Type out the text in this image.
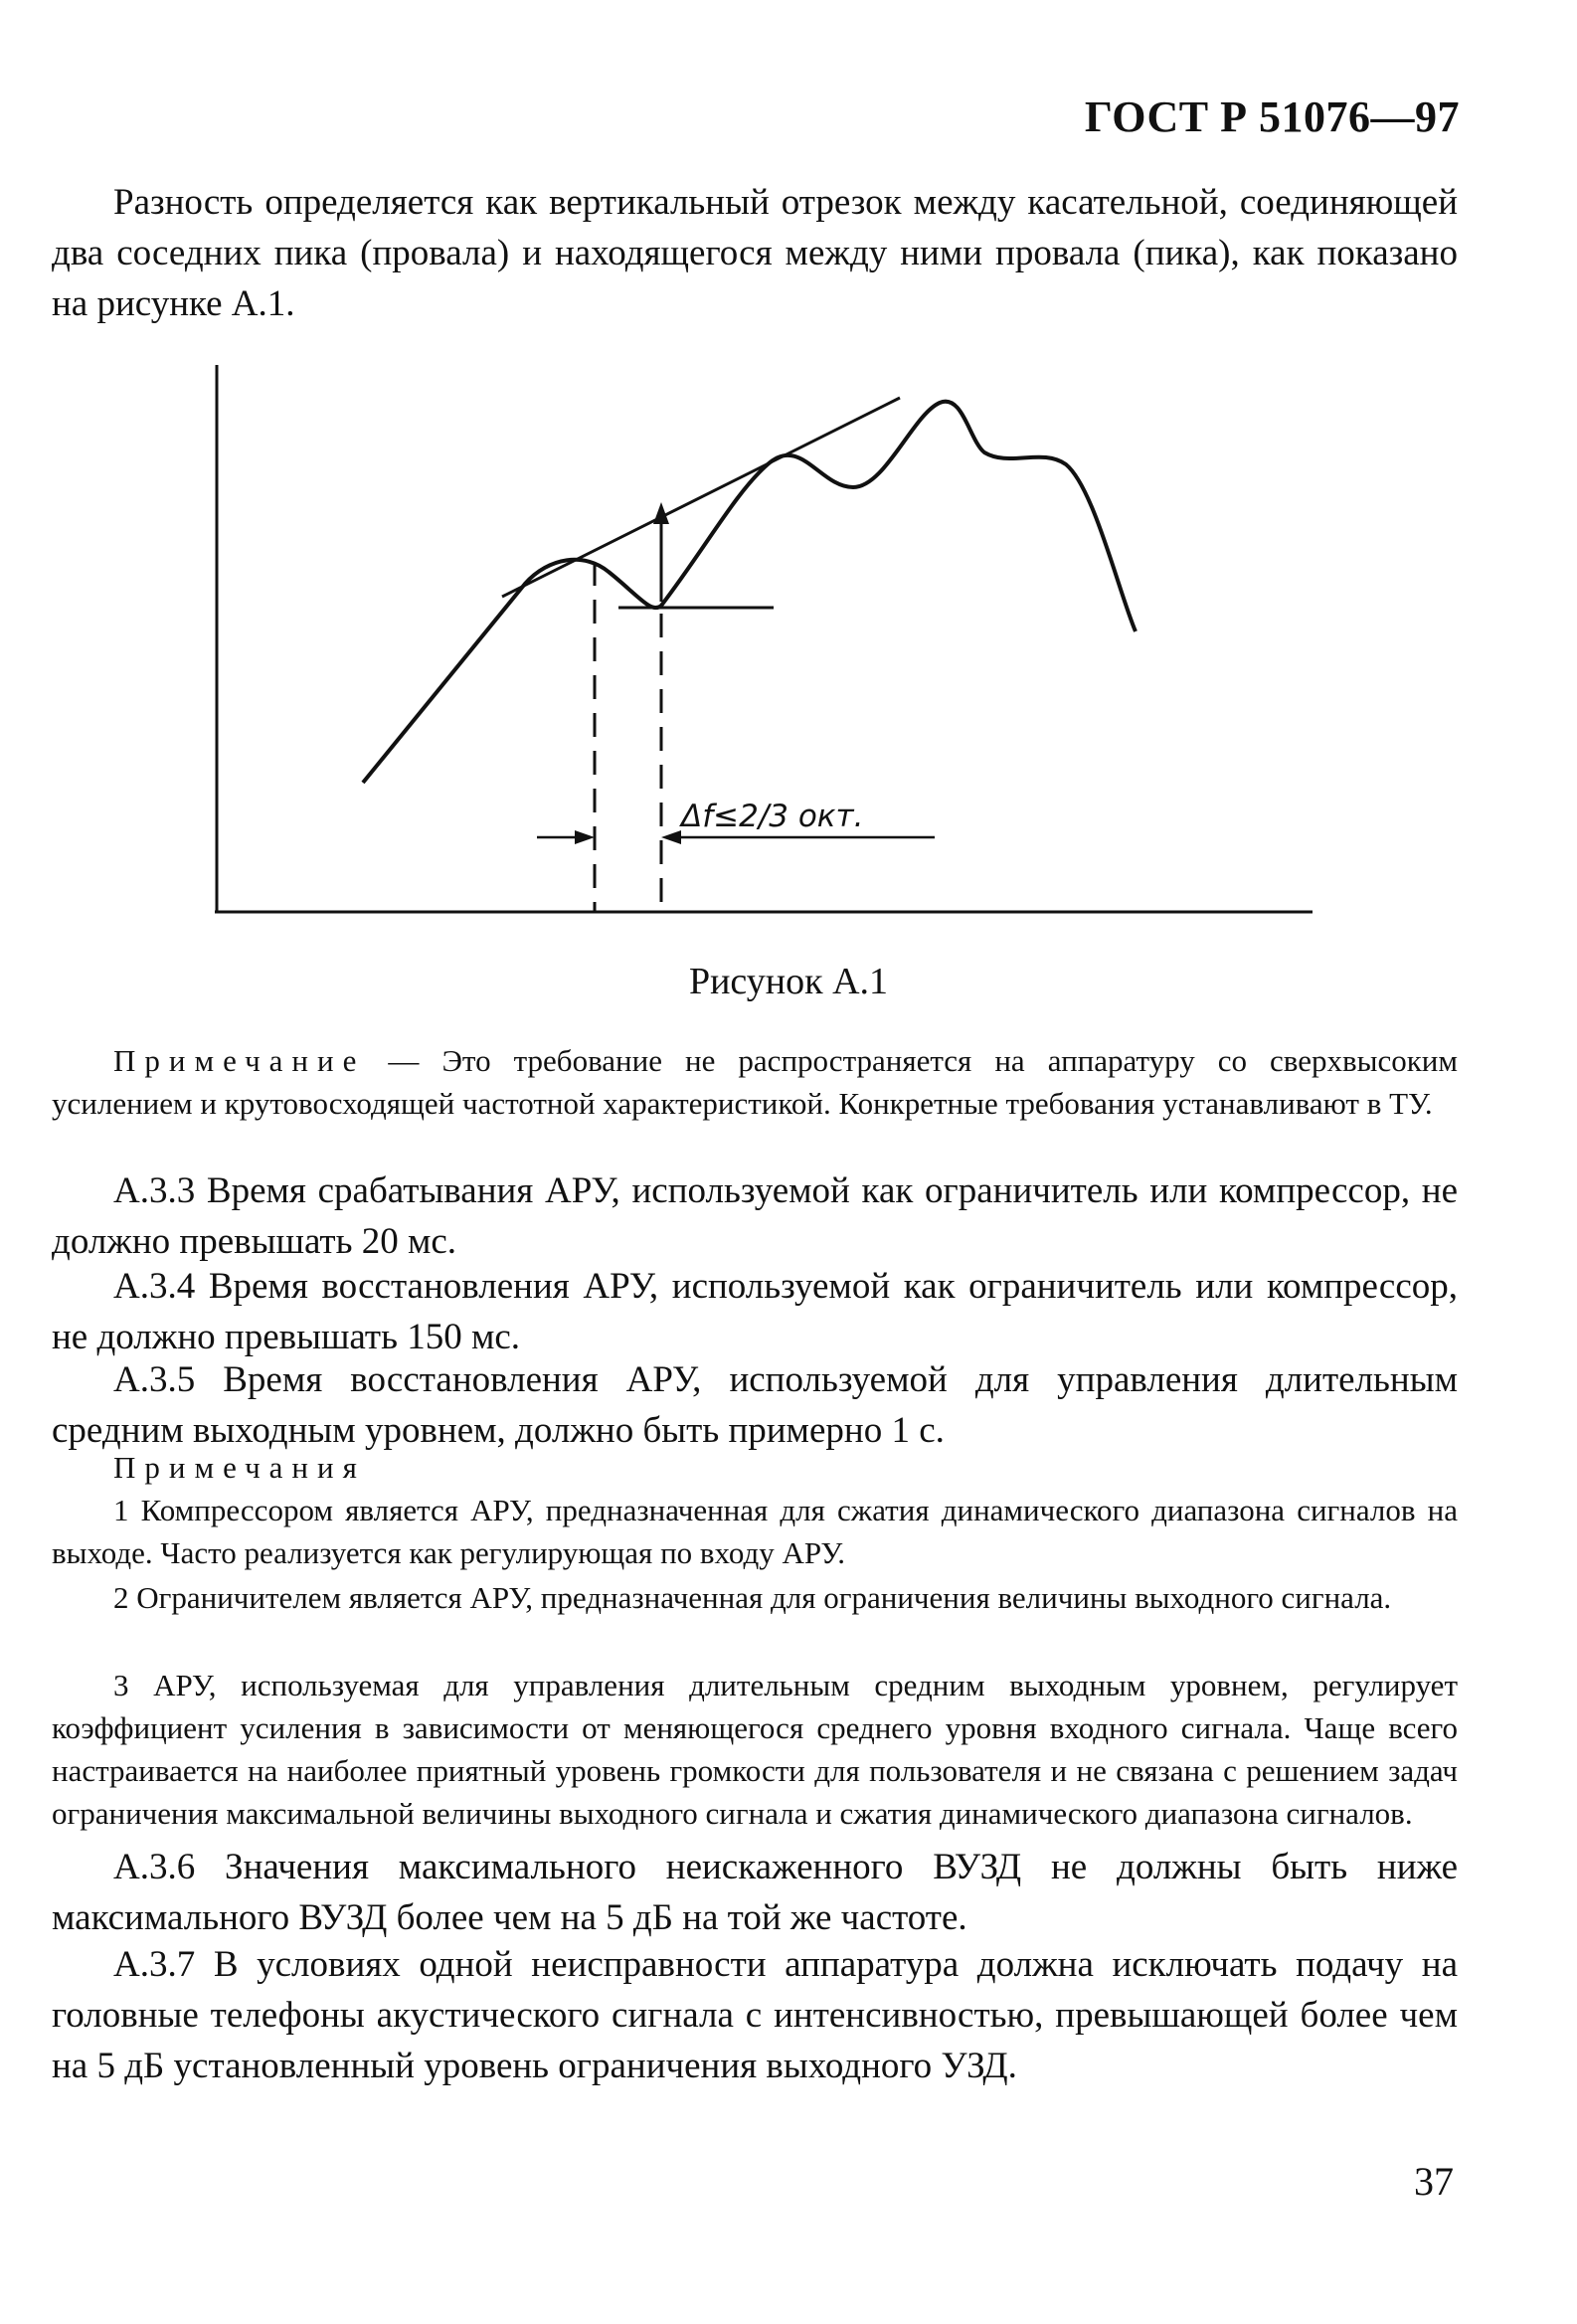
ГОСТ Р 51076—97

Разность определяется как вертикальный отрезок между касательной, соединяющей два соседних пика (провала) и находящегося между ними провала (пика), как показано на рисунке А.1.

Δf≤2/3 окт.
Рисунок А.1

Примечание — Это требование не распространяется на аппаратуру со сверхвысоким усилением и крутовосходящей частотной характеристикой. Конкретные требования устанавливают в ТУ.

А.3.3 Время срабатывания АРУ, используемой как ограничитель или компрессор, не должно превышать 20 мс.

А.3.4 Время восстановления АРУ, используемой как ограничитель или компрессор, не должно превышать 150 мс.

А.3.5 Время восстановления АРУ, используемой для управления длительным средним выходным уровнем, должно быть примерно 1 с.

Примечания

1 Компрессором является АРУ, предназначенная для сжатия динамического диапазона сигналов на выходе. Часто реализуется как регулирующая по входу АРУ.

2 Ограничителем является АРУ, предназначенная для ограничения величины выходного сигнала.

3 АРУ, используемая для управления длительным средним выходным уровнем, регулирует коэффициент усиления в зависимости от меняющегося среднего уровня входного сигнала. Чаще всего настраивается на наиболее приятный уровень громкости для пользователя и не связана с решением задач ограничения максимальной величины выходного сигнала и сжатия динамического диапазона сигналов.

А.3.6 Значения максимального неискаженного ВУЗД не должны быть ниже максимального ВУЗД более чем на 5 дБ на той же частоте.

А.3.7 В условиях одной неисправности аппаратура должна исключать подачу на головные телефоны акустического сигнала с интенсивностью, превышающей более чем на 5 дБ установленный уровень ограничения выходного УЗД.

37
